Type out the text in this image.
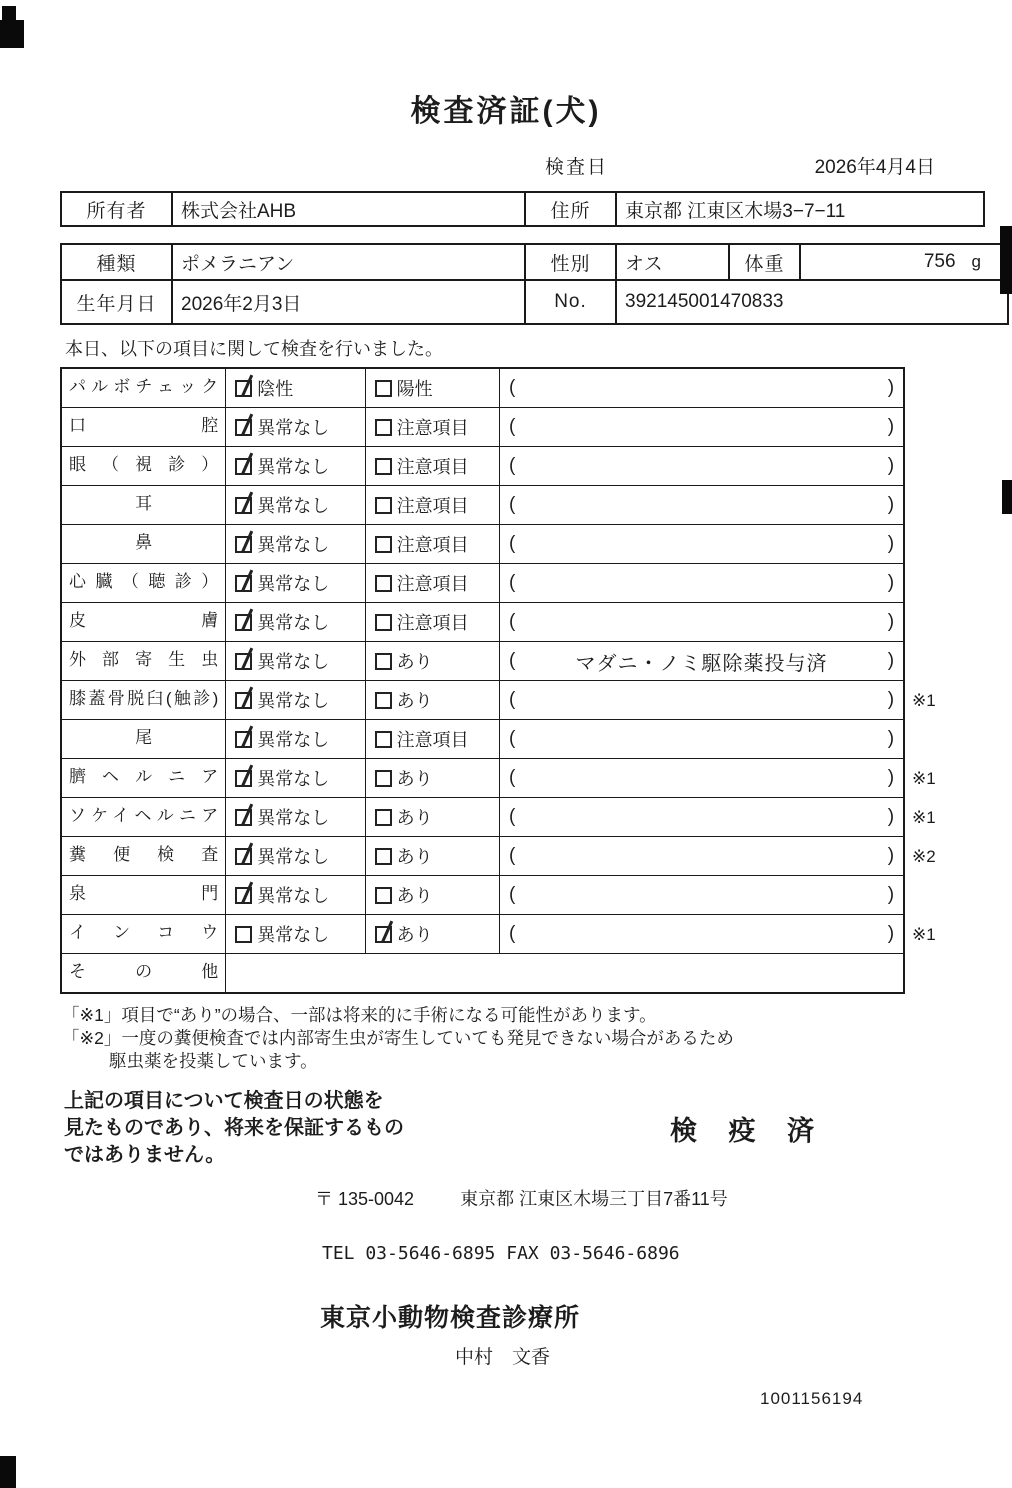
検査済証(犬)
検査日	2026年4月4日
所有者	株式会社AHB	住所	東京都 江東区木場3−7−11
種類	ポメラニアン	性別	オス	体重	756 g

生年月日	2026年2月3日	No.	392145001470833		
本日、以下の項目に関して検査を行いました。
パルボチェック	陰性	陽性	(	)
口腔	異常なし	注意項目 (	)
眼（視診）	異常なし	注意項目 (	)
耳	異常なし	注意項目 (	)
鼻	異常なし	注意項目 (	)
心臓（聴診）	異常なし	注意項目 (	)
皮膚	異常なし	注意項目 (	)
外部寄生虫	異常なし	あり	(	マダニ・ノミ駆除薬投与済	)
膝蓋骨脱臼(触診)	異常なし	あり	(	) ※1
尾	異常なし	注意項目 (	)
臍ヘルニア	異常なし	あり	(	) ※1
ソケイヘルニア	異常なし	あり	(	) ※1
糞便検査	異常なし	あり	(	) ※2
泉門	異常なし	あり	(	)
インコウ	異常なし	あり	(	) ※1
その他
「※1」項目で“あり”の場合、一部は将来的に手術になる可能性があります。
「※2」一度の糞便検査では内部寄生虫が寄生していても発見できない場合があるため
駆虫薬を投薬しています。
上記の項目について検査日の状態を
見たものであり、将来を保証するもの
ではありません。
検 疫 済
〒 135-0042	東京都 江東区木場三丁目7番11号
TEL 03-5646-6895 FAX 03-5646-6896
東京小動物検査診療所
中村　文香
1001156194
